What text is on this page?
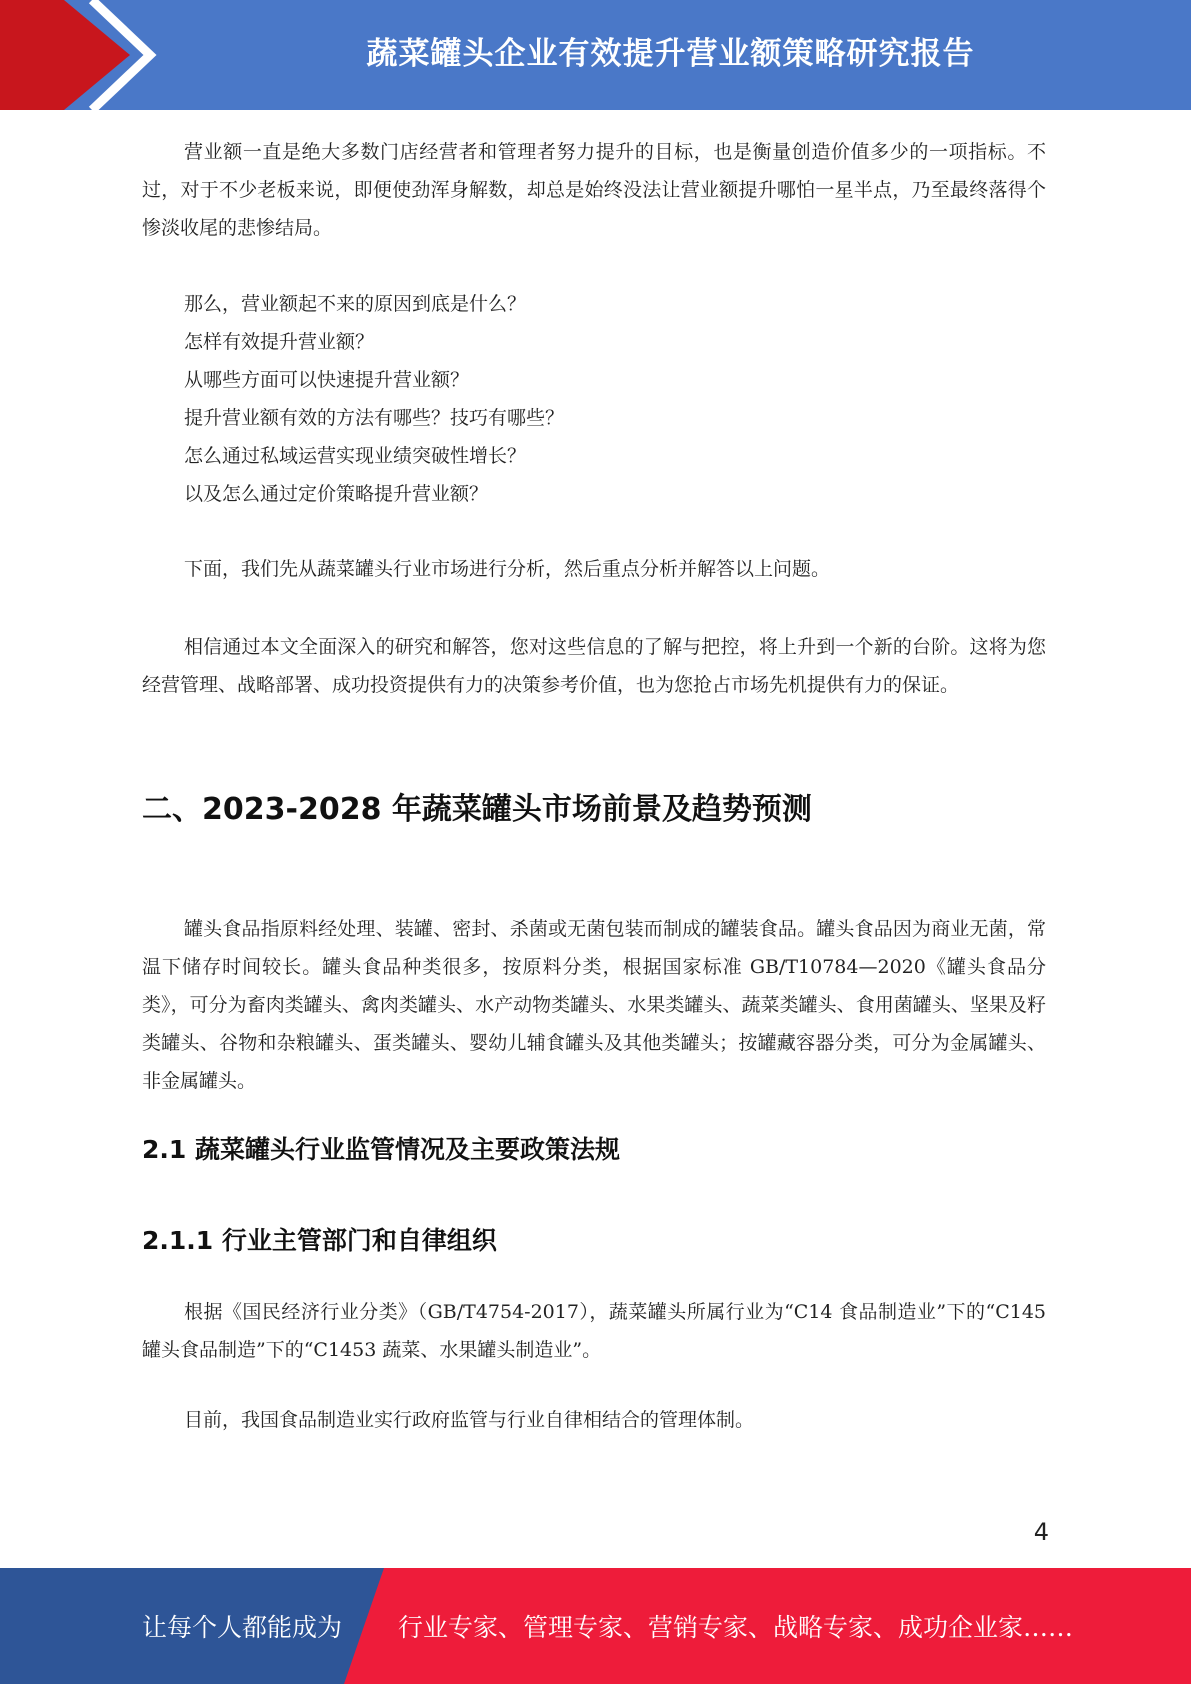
蔬菜罐头企业有效提升营业额策略研究报告

营业额一直是绝大多数门店经营者和管理者努力提升的目标，也是衡量创造价值多少的一项指标。不过，对于不少老板来说，即便使劲浑身解数，却总是始终没法让营业额提升哪怕一星半点，乃至最终落得个惨淡收尾的悲惨结局。

那么，营业额起不来的原因到底是什么？
怎样有效提升营业额？
从哪些方面可以快速提升营业额？
提升营业额有效的方法有哪些？技巧有哪些？
怎么通过私域运营实现业绩突破性增长？
以及怎么通过定价策略提升营业额？

下面，我们先从蔬菜罐头行业市场进行分析，然后重点分析并解答以上问题。

相信通过本文全面深入的研究和解答，您对这些信息的了解与把控，将上升到一个新的台阶。这将为您经营管理、战略部署、成功投资提供有力的决策参考价值，也为您抢占市场先机提供有力的保证。

二、2023-2028 年蔬菜罐头市场前景及趋势预测

罐头食品指原料经处理、装罐、密封、杀菌或无菌包装而制成的罐装食品。罐头食品因为商业无菌，常温下储存时间较长。罐头食品种类很多，按原料分类，根据国家标准 GB/T10784—2020《罐头食品分类》，可分为畜肉类罐头、禽肉类罐头、水产动物类罐头、水果类罐头、蔬菜类罐头、食用菌罐头、坚果及籽类罐头、谷物和杂粮罐头、蛋类罐头、婴幼儿辅食罐头及其他类罐头；按罐藏容器分类，可分为金属罐头、非金属罐头。

2.1 蔬菜罐头行业监管情况及主要政策法规
2.1.1 行业主管部门和自律组织

根据《国民经济行业分类》（GB/T4754-2017），蔬菜罐头所属行业为“C14 食品制造业”下的“C145 罐头食品制造”下的“C1453 蔬菜、水果罐头制造业”。

目前，我国食品制造业实行政府监管与行业自律相结合的管理体制。

4
让每个人都能成为 行业专家、管理专家、营销专家、战略专家、成功企业家……
